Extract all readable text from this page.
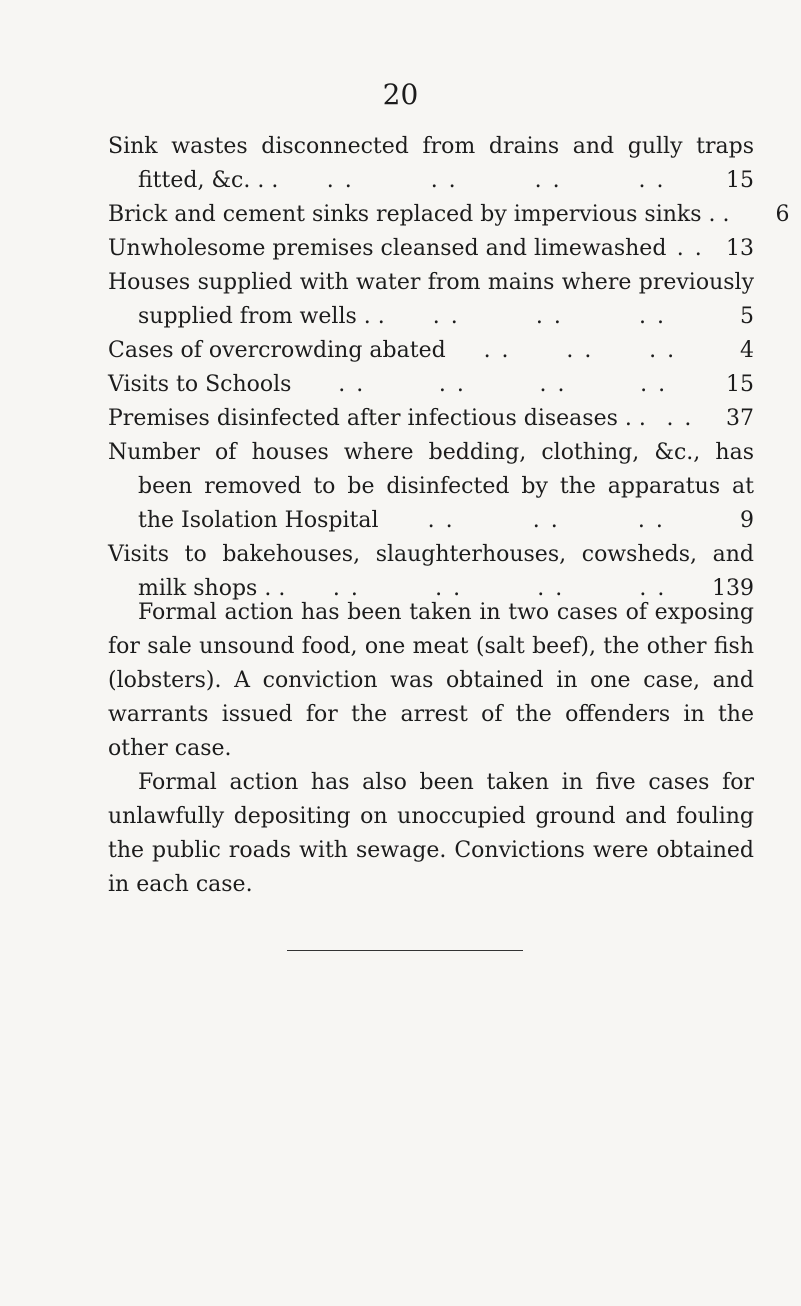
20
Sink wastes disconnected from drains and gully traps
fitted, &c. . . . .	. .	. .	. .	15
Brick and cement sinks replaced by impervious sinks . .	6
Unwholesome premises cleansed and limewashed . .	13
Houses supplied with water from mains where previously
supplied from wells . . . .	. .	. .	5
Cases of overcrowding abated . .	. .	. .	4
Visits to Schools . .	. .	. .	. .	15
Premises disinfected after infectious diseases . . . .	37
Number of houses where bedding, clothing, &c., has
been removed to be disinfected by the apparatus at
the Isolation Hospital . .	. .	. .	9
Visits to bakehouses, slaughterhouses, cowsheds, and
milk shops . . . .	. .	. .	. . 139

Formal action has been taken in two cases of exposing for sale unsound food, one meat (salt beef), the other fish (lobsters). A conviction was obtained in one case, and warrants issued for the arrest of the offenders in the other case.

Formal action has also been taken in five cases for unlawfully depositing on unoccupied ground and fouling the public roads with sewage. Convictions were obtained in each case.
